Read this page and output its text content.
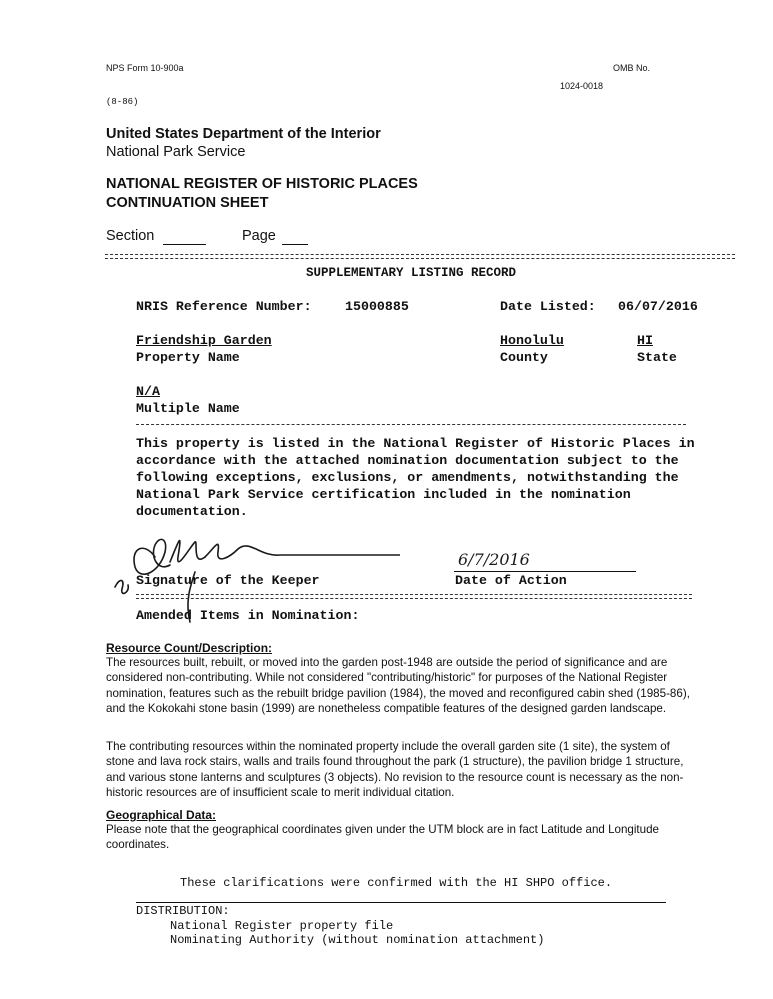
NPS Form 10-900a
(8-86)
OMB No.
1024-0018
United States Department of the Interior
National Park Service
NATIONAL REGISTER OF HISTORIC PLACES
CONTINUATION SHEET
Section	Page
SUPPLEMENTARY LISTING RECORD
NRIS Reference Number:	15000885	Date Listed: 06/07/2016
Friendship Garden
Property Name
Honolulu
County
HI
State
N/A
Multiple Name
This property is listed in the National Register of Historic Places in accordance with the attached nomination documentation subject to the following exceptions, exclusions, or amendments, notwithstanding the National Park Service certification included in the nomination documentation.
Signature of the Keeper
6/7/2016
Date of Action
Amended Items in Nomination:
Resource Count/Description:
The resources built, rebuilt, or moved into the garden post-1948 are outside the period of significance and are considered non-contributing. While not considered "contributing/historic" for purposes of the National Register nomination, features such as the rebuilt bridge pavilion (1984), the moved and reconfigured cabin shed (1985-86), and the Kokokahi stone basin (1999) are nonetheless compatible features of the designed garden landscape.
The contributing resources within the nominated property include the overall garden site (1 site), the system of stone and lava rock stairs, walls and trails found throughout the park (1 structure), the pavilion bridge 1 structure, and various stone lanterns and sculptures (3 objects). No revision to the resource count is necessary as the non-historic resources are of insufficient scale to merit individual citation.
Geographical Data:
Please note that the geographical coordinates given under the UTM block are in fact Latitude and Longitude coordinates.
These clarifications were confirmed with the HI SHPO office.
DISTRIBUTION:
National Register property file
Nominating Authority (without nomination attachment)
